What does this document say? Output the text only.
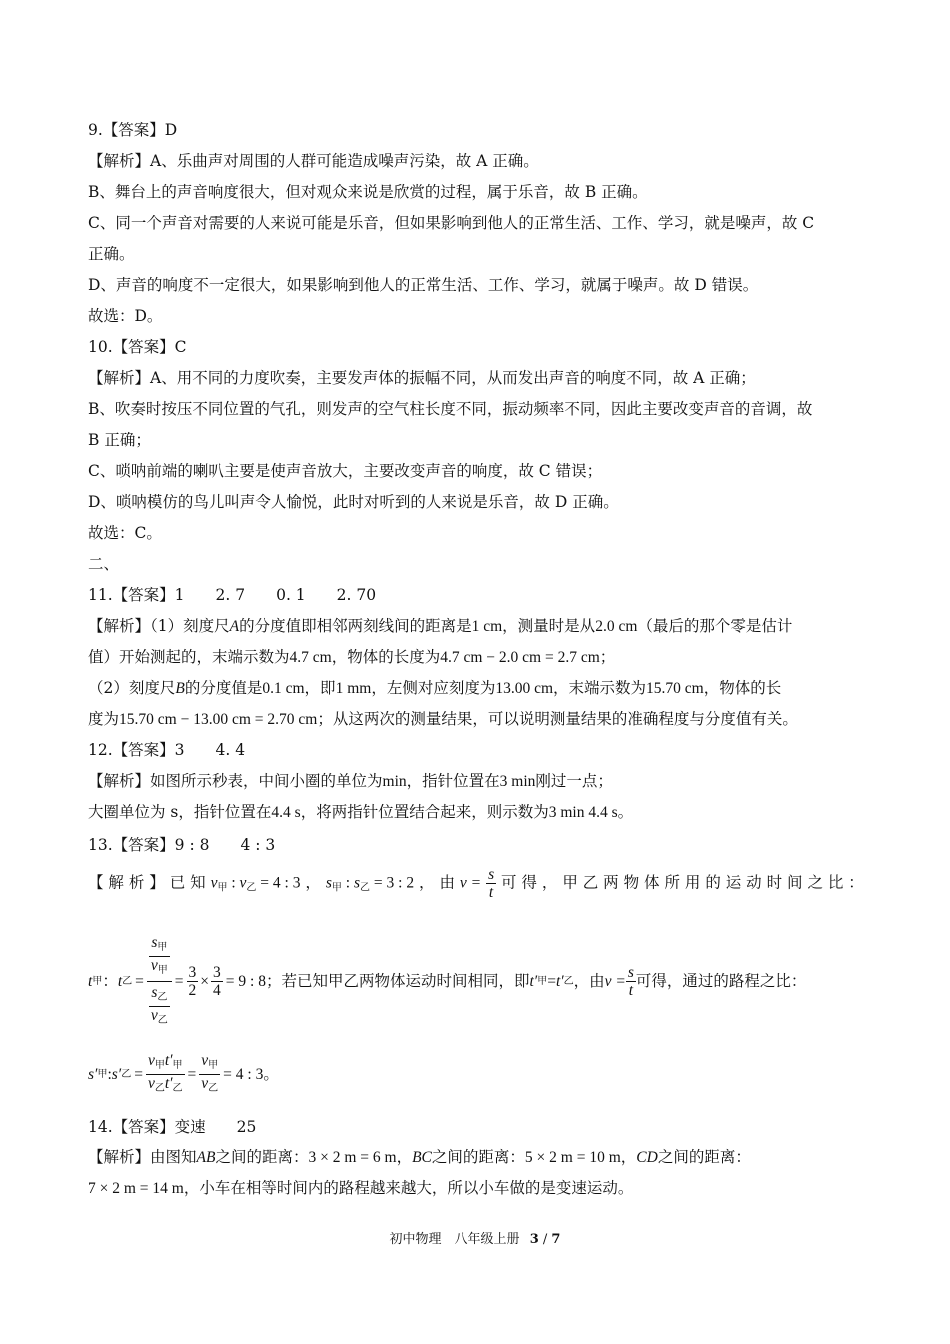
9.【答案】D
【解析】A、乐曲声对周围的人群可能造成噪声污染，故 A 正确。
B、舞台上的声音响度很大，但对观众来说是欣赏的过程，属于乐音，故 B 正确。
C、同一个声音对需要的人来说可能是乐音，但如果影响到他人的正常生活、工作、学习，就是噪声，故 C
正确。
D、声音的响度不一定很大，如果影响到他人的正常生活、工作、学习，就属于噪声。故 D 错误。
故选：D。
10.【答案】C
【解析】A、用不同的力度吹奏，主要发声体的振幅不同，从而发出声音的响度不同，故 A 正确；
B、吹奏时按压不同位置的气孔，则发声的空气柱长度不同，振动频率不同，因此主要改变声音的音调，故
B 正确；
C、唢呐前端的喇叭主要是使声音放大，主要改变声音的响度，故 C 错误；
D、唢呐模仿的鸟儿叫声令人愉悦，此时对听到的人来说是乐音，故 D 正确。
故选：C。
二、
11.【答案】1　　2. 7　　0. 1　　2. 70
【解析】（1）刻度尺A的分度值即相邻两刻线间的距离是1 cm，测量时是从2.0 cm（最后的那个零是估计
值）开始测起的，末端示数为4.7 cm，物体的长度为4.7 cm − 2.0 cm = 2.7 cm；
（2）刻度尺B的分度值是0.1 cm，即1 mm，左侧对应刻度为13.00 cm，末端示数为15.70 cm，物体的长
度为15.70 cm − 13.00 cm = 2.70 cm；从这两次的测量结果，可以说明测量结果的准确程度与分度值有关。
12.【答案】3　　4. 4
【解析】如图所示秒表，中间小圈的单位为min，指针位置在3 min刚过一点；
大圈单位为 s，指针位置在4.4 s，将两指针位置结合起来，则示数为3 min 4.4 s。
13.【答案】9 : 8　　4 : 3
【 解 析 】 已 知 $v_甲$ : $v_乙 = 4$ : 3 ， $s_甲$ : $s_乙 = 3$ : 2 ， 由 $v = \frac{s}{t}$ 可 得 ， 甲 乙 两 物 体 所 用 的 运 动 时 间 之 比 ：
t 甲 ： t 乙 = $\frac{\frac{s_甲}{v_甲}}{\frac{s_乙}{v_乙}} = \frac{3}{2} \times \frac{3}{4} = 9$ : 8 ；若已知甲乙两物体运动时间相同，即 t′ 甲 = t′ 乙 ，由 $v = \frac{s}{t}$ 可得，通过的路程之比：
s′ 甲 : s′ 乙 = $\frac{v_甲t'_甲}{v_乙t'_乙} = \frac{v_甲}{v_乙} = 4$ : 3 。
14.【答案】变速　　25
【解析】由图知AB之间的距离：3 × 2 m = 6 m，BC之间的距离：5 × 2 m = 10 m，CD之间的距离：
7 × 2 m = 14 m，小车在相等时间内的路程越来越大，所以小车做的是变速运动。
初中物理　八年级上册 3 / 7
